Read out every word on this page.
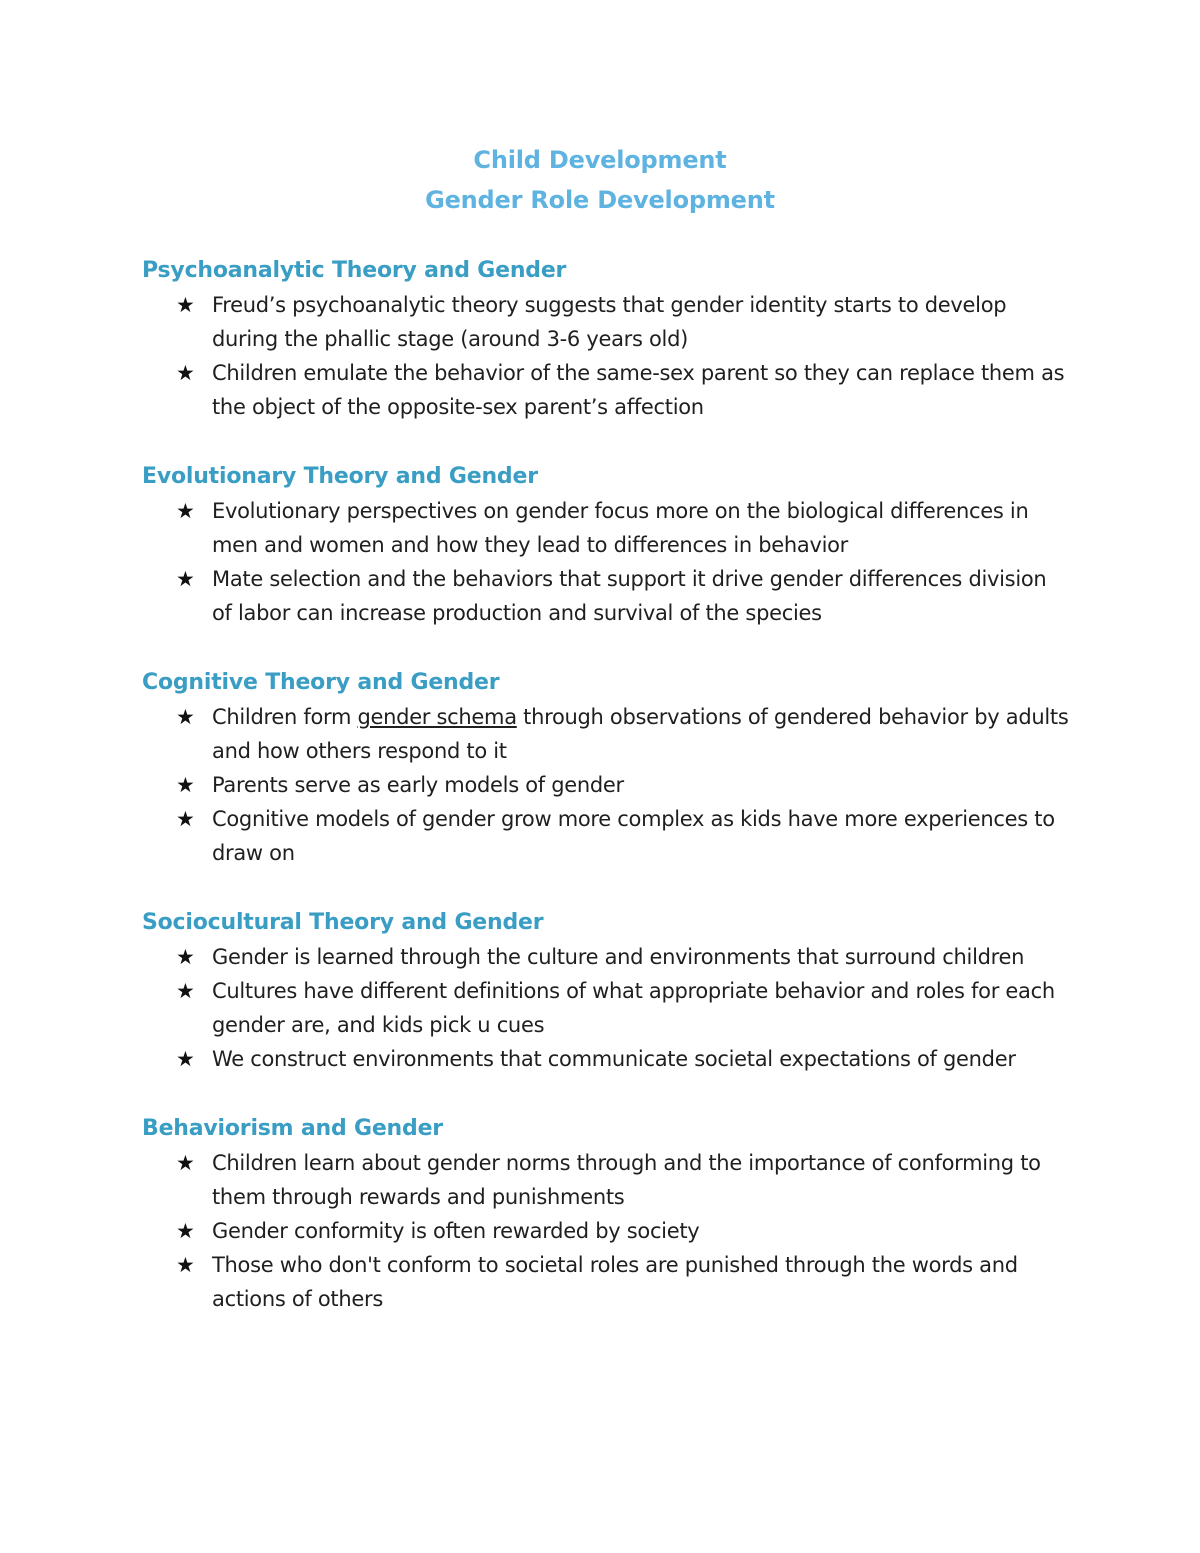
Child Development
Gender Role Development
Psychoanalytic Theory and Gender
★ Freud’s psychoanalytic theory suggests that gender identity starts to develop during the phallic stage (around 3-6 years old)
★ Children emulate the behavior of the same-sex parent so they can replace them as the object of the opposite-sex parent’s affection
Evolutionary Theory and Gender
★ Evolutionary perspectives on gender focus more on the biological differences in men and women and how they lead to differences in behavior
★ Mate selection and the behaviors that support it drive gender differences division of labor can increase production and survival of the species
Cognitive Theory and Gender
★ Children form gender schema through observations of gendered behavior by adults and how others respond to it
★ Parents serve as early models of gender
★ Cognitive models of gender grow more complex as kids have more experiences to draw on
Sociocultural Theory and Gender
★ Gender is learned through the culture and environments that surround children
★ Cultures have different definitions of what appropriate behavior and roles for each gender are, and kids pick u cues
★ We construct environments that communicate societal expectations of gender
Behaviorism and Gender
★ Children learn about gender norms through and the importance of conforming to them through rewards and punishments
★ Gender conformity is often rewarded by society
★ Those who don't conform to societal roles are punished through the words and actions of others
